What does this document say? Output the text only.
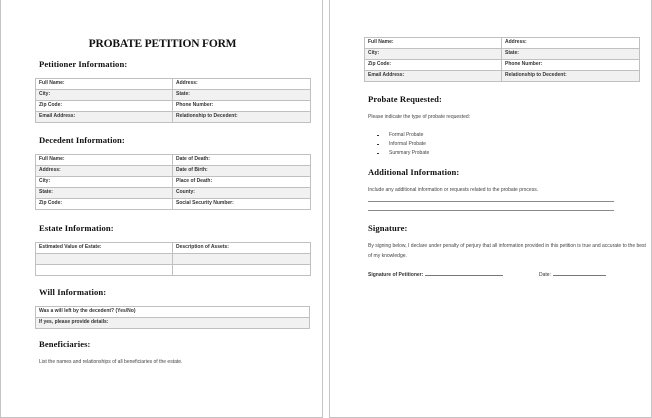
PROBATE PETITION FORM
Petitioner Information:
Full Name:	Address:
City:	State:
Zip Code:	Phone Number:
Email Address:	Relationship to Decedent:
Decedent Information:
Full Name:	Date of Death:
Address:	Date of Birth:
City:	Place of Death:
State:	County:
Zip Code:	Social Security Number:
Estate Information:
Estimated Value of Estate:	Description of Assets:

Will Information:
Was a will left by the decedent? (Yes/No)
If yes, please provide details:
Beneficiaries:
List the names and relationships of all beneficiaries of the estate.
Full Name:	Address:
City:	State:
Zip Code:	Phone Number:
Email Address:	Relationship to Decedent:
Probate Requested:
Please indicate the type of probate requested:
Formal Probate
Informal Probate
Summary Probate
Additional Information:
Include any additional information or requests related to the probate process.
Signature:
By signing below, I declare under penalty of perjury that all information provided in this petition is true and accurate to the best of my knowledge.
Signature of Petitioner:	Date:
